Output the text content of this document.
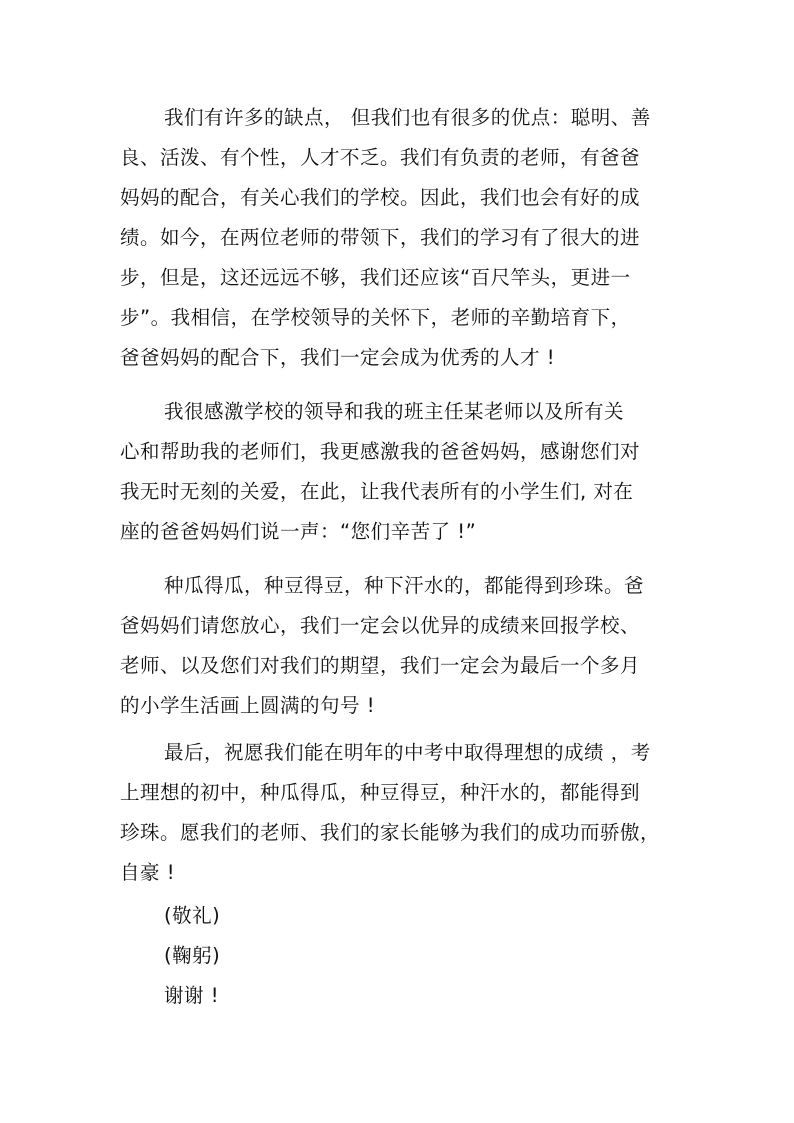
我们有许多的缺点， 但我们也有很多的优点：聪明、善
良、活泼、有个性，人才不乏。我们有负责的老师，有爸爸
妈妈的配合，有关心我们的学校。因此，我们也会有好的成
绩。如今，在两位老师的带领下，我们的学习有了很大的进
步，但是，这还远远不够，我们还应该“百尺竿头，更进一
步”。我相信，在学校领导的关怀下，老师的辛勤培育下，
爸爸妈妈的配合下，我们一定会成为优秀的人才 !
我很感激学校的领导和我的班主任某老师以及所有关
心和帮助我的老师们，我更感激我的爸爸妈妈，感谢您们对
我无时无刻的关爱，在此，让我代表所有的小学生们, 对在
座的爸爸妈妈们说一声：“您们辛苦了 !”
种瓜得瓜，种豆得豆，种下汗水的，都能得到珍珠。爸
爸妈妈们请您放心，我们一定会以优异的成绩来回报学校、
老师、以及您们对我们的期望，我们一定会为最后一个多月
的小学生活画上圆满的句号 !
最后，祝愿我们能在明年的中考中取得理想的成绩 ，考
上理想的初中，种瓜得瓜，种豆得豆，种汗水的，都能得到
珍珠。愿我们的老师、我们的家长能够为我们的成功而骄傲，
自豪 !
(敬礼)
(鞠躬)
谢谢 !
